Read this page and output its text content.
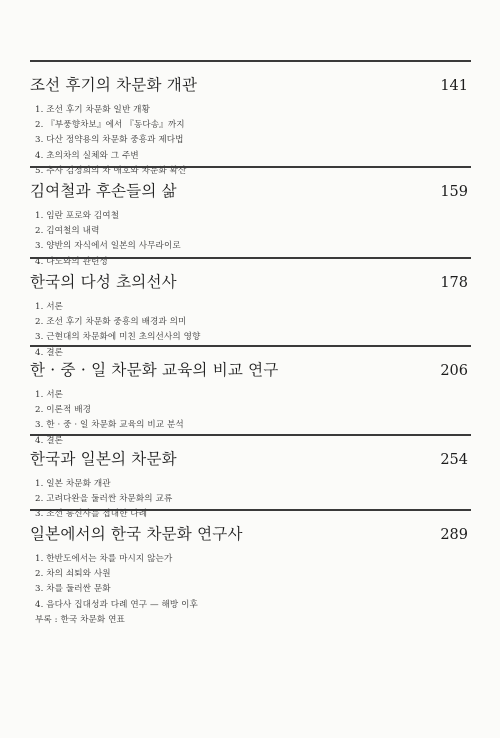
조선 후기의 차문화 개관	141
1. 조선 후기 차문화 일반 개황
2. 『부풍향차보』에서 『동다송』까지
3. 다산 정약용의 차문화 중흥과 제다법
4. 초의차의 실체와 그 주변
5. 추사 김정희의 차 애호와 차문화 확산
김여철과 후손들의 삶	159
1. 임란 포로와 김여철
2. 김여철의 내력
3. 양반의 자식에서 일본의 사무라이로
4. 다도와의 관련성
한국의 다성 초의선사	178
1. 서론
2. 조선 후기 차문화 중흥의 배경과 의미
3. 근현대의 차문화에 미친 초의선사의 영향
4. 결론
한 · 중 · 일 차문화 교육의 비교 연구	206
1. 서론
2. 이론적 배경
3. 한 · 중 · 일 차문화 교육의 비교 분석
4. 결론
한국과 일본의 차문화	254
1. 일본 차문화 개관
2. 고려다완을 둘러싼 차문화의 교류
3. 조선 통신사를 접대한 다례
일본에서의 한국 차문화 연구사	289
1. 한반도에서는 차를 마시지 않는가
2. 차의 쇠퇴와 사원
3. 차를 둘러싼 문화
4. 음다사 집대성과 다례 연구 — 해방 이후
부록 : 한국 차문화 연표
